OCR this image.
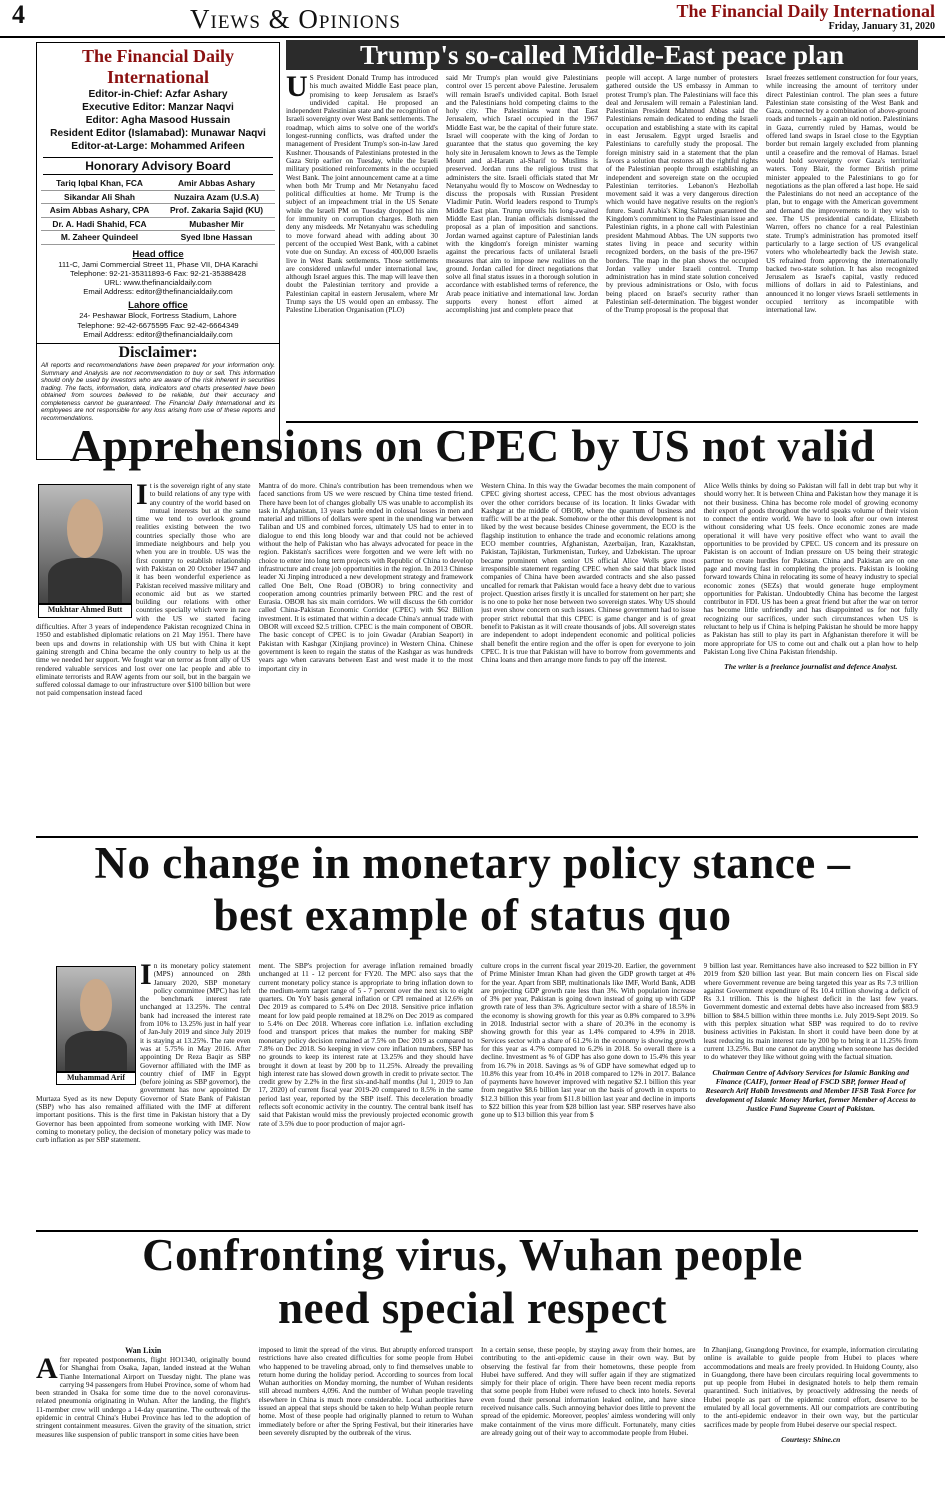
4	Views & Opinions	The Financial Daily International
Friday, January 31, 2020
The Financial Daily International
Editor-in-Chief: Azfar Ashary
Executive Editor: Manzar Naqvi
Editor: Agha Masood Hussain
Resident Editor (Islamabad): Munawar Naqvi
Editor-at-Large: Mohammed Arifeen
Honorary Advisory Board
Tariq Iqbal Khan, FCA
Sikandar Ali Shah
Asim Abbas Ashary, CPA
Dr. A. Hadi Shahid, FCA
M. Zaheer Quindeel
Amir Abbas Ashary
Nuzaira Azam (U.S.A)
Prof. Zakaria Sajid (KU)
Mubasher Mir
Syed Ibne Hassan
Head office
111-C, Jami Commercial Street 11, Phase VII, DHA Karachi
Telephone: 92-21-35311893-6 Fax: 92-21-35388428
URL: www.thefinancialdaily.com
Email Address: editor@thefinancialdaily.com
Lahore office
24- Peshawar Block, Fortress Stadium, Lahore
Telephone: 92-42-6675595 Fax: 92-42-6664349
Email Address: editor@thefinancialdaily.com
Disclaimer:
All reports and recommendations have been prepared for your information only. Summary and Analysis are not recommendation to buy or sell. This information should only be used by investors who are aware of the risk inherent in securities trading. The facts, information, data, indicators and charts presented have been obtained from sources believed to be reliable, but their accuracy and completeness cannot be guaranteed. The Financial Daily International and its employees are not responsible for any loss arising from use of these reports and recommendations.
Trump's so-called Middle-East peace plan
U S President Donald Trump has introduced his much awaited Middle East peace plan, promising to keep Jerusalem as Israel's undivided capital. He proposed an independent Palestinian state and the recognition of Israeli sovereignty over West Bank settlements. The roadmap, which aims to solve one of the world's longest-running conflicts, was drafted under the management of President Trump's son-in-law Jared Kushner. Thousands of Palestinians protested in the Gaza Strip earlier on Tuesday, while the Israeli military positioned reinforcements in the occupied West Bank. The joint announcement came at a time when both Mr Trump and Mr Netanyahu faced political difficulties at home. Mr Trump is the subject of an impeachment trial in the US Senate while the Israeli PM on Tuesday dropped his aim for immunity on corruption charges. Both men deny any misdeeds. Mr Netanyahu was scheduling to move forward ahead with adding about 30 percent of the occupied West Bank, with a cabinet vote due on Sunday. An excess of 400,000 Israelis live in West Bank settlements. Those settlements are considered unlawful under international law, although Israel argues this. The map will leave then doubt the Palestinian territory and provide a Palestinian capital in eastern Jerusalem, where Mr Trump says the US would open an embassy. The Palestine Liberation Organisation (PLO)
said Mr Trump's plan would give Palestinians control over 15 percent above Palestine. Jerusalem will remain Israel's undivided capital. Both Israel and the Palestinians hold competing claims to the holy city. The Palestinians want that East Jerusalem, which Israel occupied in the 1967 Middle East war, be the capital of their future state. Israel will cooperate with the king of Jordan to guarantee that the status quo governing the key holy site in Jerusalem known to Jews as the Temple Mount and al-Haram al-Sharif to Muslims is preserved. Jordan runs the religious trust that administers the site. Israeli officials stated that Mr Netanyahu would fly to Moscow on Wednesday to discuss the proposals with Russian President Vladimir Putin. World leaders respond to Trump's Middle East plan. Trump unveils his long-awaited Middle East plan. Iranian officials dismissed the proposal as a plan of imposition and sanctions. Jordan warned against capture of Palestinian lands with the kingdom's foreign minister warning against the precarious facts of unilateral Israeli measures that aim to impose new realities on the ground. Jordan called for direct negotiations that solve all final status issues in a thorough solution in accordance with established terms of reference, the Arab peace initiative and international law. Jordan supports every honest effort aimed at accomplishing just and complete peace that
people will accept. A large number of protesters gathered outside the US embassy in Amman to protest Trump's plan. The Palestinians will face this deal and Jerusalem will remain a Palestinian land. Palestinian President Mahmoud Abbas said the Palestinians remain dedicated to ending the Israeli occupation and establishing a state with its capital in east Jerusalem. Egypt urged Israelis and Palestinians to carefully study the proposal. The foreign ministry said in a statement that the plan favors a solution that restores all the rightful rights of the Palestinian people through establishing an independent and sovereign state on the occupied Palestinian territories. Lebanon's Hezbollah movement said it was a very dangerous direction which would have negative results on the region's future. Saudi Arabia's King Salman guaranteed the Kingdom's commitment to the Palestinian issue and Palestinian rights, in a phone call with Palestinian president Mahmoud Abbas. The UN supports two states living in peace and security within recognized borders, on the basis of the pre-1967 borders. The map in the plan shows the occupied Jordan valley under Israeli control. Trump administration has in mind state solution conceived by previous administrations or Oslo, with focus being placed on Israel's security rather than Palestinian self-determination. The biggest wonder of the Trump proposal is the proposal that
Israel freezes settlement construction for four years, while increasing the amount of territory under direct Palestinian control. The plan sees a future Palestinian state consisting of the West Bank and Gaza, connected by a combination of above-ground roads and tunnels - again an old notion. Palestinians in Gaza, currently ruled by Hamas, would be offered land swaps in Israel close to the Egyptian border but remain largely excluded from planning until a ceasefire and the removal of Hamas. Israel would hold sovereignty over Gaza's territorial waters. Tony Blair, the former British prime minister appealed to the Palestinians to go for negotiations as the plan offered a last hope. He said the Palestinians do not need an acceptance of the plan, but to engage with the American government and demand the improvements to it they wish to see. The US presidential candidate, Elizabeth Warren, offers no chance for a real Palestinian state. Trump's administration has promoted itself particularly to a large section of US evangelical voters who wholeheartedly back the Jewish state. US refrained from approving the internationally backed two-state solution. It has also recognized Jerusalem as Israel's capital, vastly reduced millions of dollars in aid to Palestinians, and announced it no longer views Israeli settlements in occupied territory as incompatible with international law.
Apprehensions on CPEC by US not valid
Mukhtar Ahmed Butt
It is the sovereign right of any state to build relations of any type with any country of the world based on mutual interests but at the same time we tend to overlook ground realities existing between the two countries specially those who are immediate neighbours and help you when you are in trouble. US was the first country to establish relationship with Pakistan on 20 October 1947 and it has been wonderful experience as Pakistan received massive military and economic aid but as we started building our relations with other countries specially which were in race with the US we started facing difficulties. After 3 years of independence Pakistan recognized China in 1950 and established diplomatic relations on 21 May 1951. There have been ups and downs in relationship with US but with China it kept gaining strength and China became the only country to help us at the time we needed her support. We fought war on terror as front ally of US rendered valuable services and lost over one lac people and able to eliminate terrorists and RAW agents from our soil, but in the bargain we suffered colossal damage to our infrastructure over $100 billion but were not paid compensation instead faced
Mantra of do more. China's contribution has been tremendous when we faced sanctions from US we were rescued by China time tested friend. There have been lot of changes globally US was unable to accomplish its task in Afghanistan, 13 years battle ended in colossal losses in men and material and trillions of dollars were spent in the unending war between Taliban and US and combined forces, ultimately US had to enter in to dialogue to end this long bloody war and that could not be achieved without the help of Pakistan who has always advocated for peace in the region. Pakistan's sacrifices were forgotten and we were left with no choice to enter into long term projects with Republic of China to develop infrastructure and create job opportunities in the region. In 2013 Chinese leader Xi Jinping introduced a new development strategy and framework called One Belt, One Road (OBOR) to bring connectivity and cooperation among countries primarily between PRC and the rest of Eurasia. OBOR has six main corridors. We will discuss the 6th corridor called China-Pakistan Economic Corridor (CPEC) with $62 Billion investment. It is estimated that within a decade China's annual trade with OBOR will exceed $2.5 trillion. CPEC is the main component of OBOR. The basic concept of CPEC is to join Gwadar (Arabian Seaport) in Pakistan with Kashgar (Xinjiang province) in Western China. Chinese government is keen to regain the status of the Kashgar as was hundreds years ago when caravans between East and west made it to the most important city in
Western China. In this way the Gwadar becomes the main component of CPEC giving shortest access, CPEC has the most obvious advantages over the other corridors because of its location. It links Gwadar with Kashgar at the middle of OBOR, where the quantum of business and traffic will be at the peak. Somehow or the other this development is not liked by the west because besides Chinese government, the ECO is the flagship institution to enhance the trade and economic relations among ECO member countries, Afghanistan, Azerbaijan, Iran, Kazakhstan, Pakistan, Tajikistan, Turkmenistan, Turkey, and Uzbekistan. The uproar became prominent when senior US official Alice Wells gave most irresponsible statement regarding CPEC when she said that black listed companies of China have been awarded contracts and she also passed uncalled for remark that Pakistan would face a heavy debt due to various project. Question arises firstly it is uncalled for statement on her part; she is no one to poke her nose between two sovereign states. Why US should just even show concern on such issues. Chinese government had to issue proper strict rebuttal that this CPEC is game changer and is of great benefit to Pakistan as it will create thousands of jobs. All sovereign states are independent to adopt independent economic and political policies shall benefit the entire region and the offer is open for everyone to join CPEC. It is true that Pakistan will have to borrow from governments and China loans and then arrange more funds to pay off the interest.
Alice Wells thinks by doing so Pakistan will fall in debt trap but why it should worry her. It is between China and Pakistan how they manage it is not their business. China has become role model of growing economy their export of goods throughout the world speaks volume of their vision to connect the entire world. We have to look after our own interest without considering what US feels. Once economic zones are made operational it will have very positive effect who want to avail the opportunities to be provided by CPEC. US concern and its pressure on Pakistan is on account of Indian pressure on US being their strategic partner to create hurdles for Pakistan. China and Pakistan are on one page and moving fast in completing the projects. Pakistan is looking forward towards China in relocating its some of heavy industry to special economic zones (SEZs) that would generate huge employment opportunities for Pakistan. Undoubtedly China has become the largest contributor in FDI. US has been a great friend but after the war on terror has become little unfriendly and has disappointed us for not fully recognizing our sacrifices, under such circumstances when US is reluctant to help us if China is helping Pakistan he should be more happy as Pakistan has still to play its part in Afghanistan therefore it will be more appropriate for US to come out and chalk out a plan how to help Pakistan Long live China Pakistan friendship.
The writer is a freelance journalist and defence Analyst.
No change in monetary policy stance –
best example of status quo
Muhammad Arif
In its monetary policy statement (MPS) announced on 28th January 2020, SBP monetary policy committee (MPC) has left the benchmark interest rate unchanged at 13.25%. The central bank had increased the interest rate from 10% to 13.25% just in half year of Jan-July 2019 and since July 2019 it is staying at 13.25%. The rate even was at 5.75% in May 2016. After appointing Dr Reza Baqir as SBP Governor affiliated with the IMF as country chief of IMF in Egypt (before joining as SBP governor), the government has now appointed Dr Murtaza Syed as its new Deputy Governor of State Bank of Pakistan (SBP) who has also remained affiliated with the IMF at different important positions. This is the first time in Pakistan history that a Dy Governor has been appointed from someone working with IMF. Now coming to monetary policy, the decision of monetary policy was made to curb inflation as per SBP statement.
ment. The SBP's projection for average inflation remained broadly unchanged at 11 - 12 percent for FY20. The MPC also says that the current monetary policy stance is appropriate to bring inflation down to the medium-term target range of 5 - 7 percent over the next six to eight quarters. On YoY basis general inflation or CPI remained at 12.6% on Dec 2019 as compared to 5.4% on Dec 2018. Sensitive price inflation meant for low paid people remained at 18.2% on Dec 2019 as compared to 5.4% on Dec 2018. Whereas core inflation i.e. inflation excluding food and transport prices that makes the number for making SBP monetary policy decision remained at 7.5% on Dec 2019 as compared to 7.8% on Dec 2018. So keeping in view core inflation numbers, SBP has no grounds to keep its interest rate at 13.25% and they should have brought it down at least by 200 bp to 11.25%. Already the prevailing high interest rate has slowed down growth in credit to private sector. The credit grew by 2.2% in the first six-and-half months (Jul 1, 2019 to Jan 17, 2020) of current fiscal year 2019-20 compared to 8.5% in the same period last year, reported by the SBP itself. This deceleration broadly reflects soft economic activity in the country. The central bank itself has said that Pakistan would miss the previously projected economic growth rate of 3.5% due to poor production of major agri-
culture crops in the current fiscal year 2019-20. Earlier, the government of Prime Minister Imran Khan had given the GDP growth target at 4% for the year. Apart from SBP, multinationals like IMF, World Bank, ADB are projecting GDP growth rate less than 3%. With population increase of 3% per year, Pakistan is going down instead of going up with GDP growth rate of less than 3%. Agriculture sector with a share of 18.5% in the economy is showing growth for this year as 0.8% compared to 3.9% in 2018. Industrial sector with a share of 20.3% in the economy is showing growth for this year as 1.4% compared to 4.9% in 2018. Services sector with a share of 61.2% in the economy is showing growth for this year as 4.7% compared to 6.2% in 2018. So overall there is a decline. Investment as % of GDP has also gone down to 15.4% this year from 16.7% in 2018. Savings as % of GDP have somewhat edged up to 10.8% this year from 10.4% in 2018 compared to 12% in 2017. Balance of payments have however improved with negative $2.1 billion this year from negative $8.6 billion last year on the basis of growth in exports to $12.3 billion this year from $11.8 billion last year and decline in imports to $22 billion this year from $28 billion last year. SBP reserves have also gone up to $13 billion this year from $
9 billion last year. Remittances have also increased to $22 billion in FY 2019 from $20 billion last year. But main concern lies on Fiscal side where Government revenue are being targeted this year as Rs 7.3 trillion against Government expenditure of Rs 10.4 trillion showing a deficit of Rs 3.1 trillion. This is the highest deficit in the last few years. Government domestic and external debts have also increased from $83.9 billion to $84.5 billion within three months i.e. July 2019-Sept 2019. So with this perplex situation what SBP was required to do to revive business activities in Pakistan. In short it could have been done by at least reducing its main interest rate by 200 bp to bring it at 11.25% from current 13.25%. But one cannot do anything when someone has decided to do whatever they like without going with the factual situation.
Chairman Centre of Advisory Services for Islamic Banking and Finance (CAIF), former Head of FSCD SBP, former Head of Research Arif Habib Investments and Member IFSB Task Force for development of Islamic Money Market, former Member of Access to Justice Fund Supreme Court of Pakistan.
Confronting virus, Wuhan people
need special respect
Wan Lixin
A fter repeated postponements, flight HO1340, originally bound for Shanghai from Osaka, Japan, landed instead at the Wuhan Tianhe International Airport on Tuesday night. The plane was carrying 94 passengers from Hubei Province, some of whom had been stranded in Osaka for some time due to the novel coronavirus-related pneumonia originating in Wuhan. After the landing, the flight's 11-member crew will undergo a 14-day quarantine. The outbreak of the epidemic in central China's Hubei Province has led to the adoption of stringent containment measures. Given the gravity of the situation, strict measures like suspension of public transport in some cities have been
imposed to limit the spread of the virus. But abruptly enforced transport restrictions have also created difficulties for some people from Hubei who happened to be traveling abroad, only to find themselves unable to return home during the holiday period. According to sources from local Wuhan authorities on Monday morning, the number of Wuhan residents still abroad numbers 4,096. And the number of Wuhan people traveling elsewhere in China is much more considerable. Local authorities have issued an appeal that steps should be taken to help Wuhan people return home. Most of these people had originally planned to return to Wuhan immediately before or after the Spring Festival, but their itineraries have been severely disrupted by the outbreak of the virus.
In a certain sense, these people, by staying away from their homes, are contributing to the anti-epidemic cause in their own way. But by observing the festival far from their hometowns, these people from Hubei have suffered. And they will suffer again if they are stigmatized simply for their place of origin. There have been recent media reports that some people from Hubei were refused to check into hotels. Several even found their personal information leaked online, and have since received nuisance calls. Such annoying behavior does little to prevent the spread of the epidemic. Moreover, peoples' aimless wondering will only make containment of the virus more difficult. Fortunately, many cities are already going out of their way to accommodate people from Hubei.
In Zhanjiang, Guangdong Province, for example, information circulating online is available to guide people from Hubei to places where accommodations and meals are freely provided. In Huidong County, also in Guangdong, there have been circulars requiring local governments to put up people from Hubei in designated hotels to help them remain quarantined. Such initiatives, by proactively addressing the needs of Hubei people as part of the epidemic control effort, deserve to be emulated by all local governments. All our compatriots are contributing to the anti-epidemic endeavor in their own way, but the particular sacrifices made by people from Hubei deserve our special respect.
Courtesy: Shine.cn
